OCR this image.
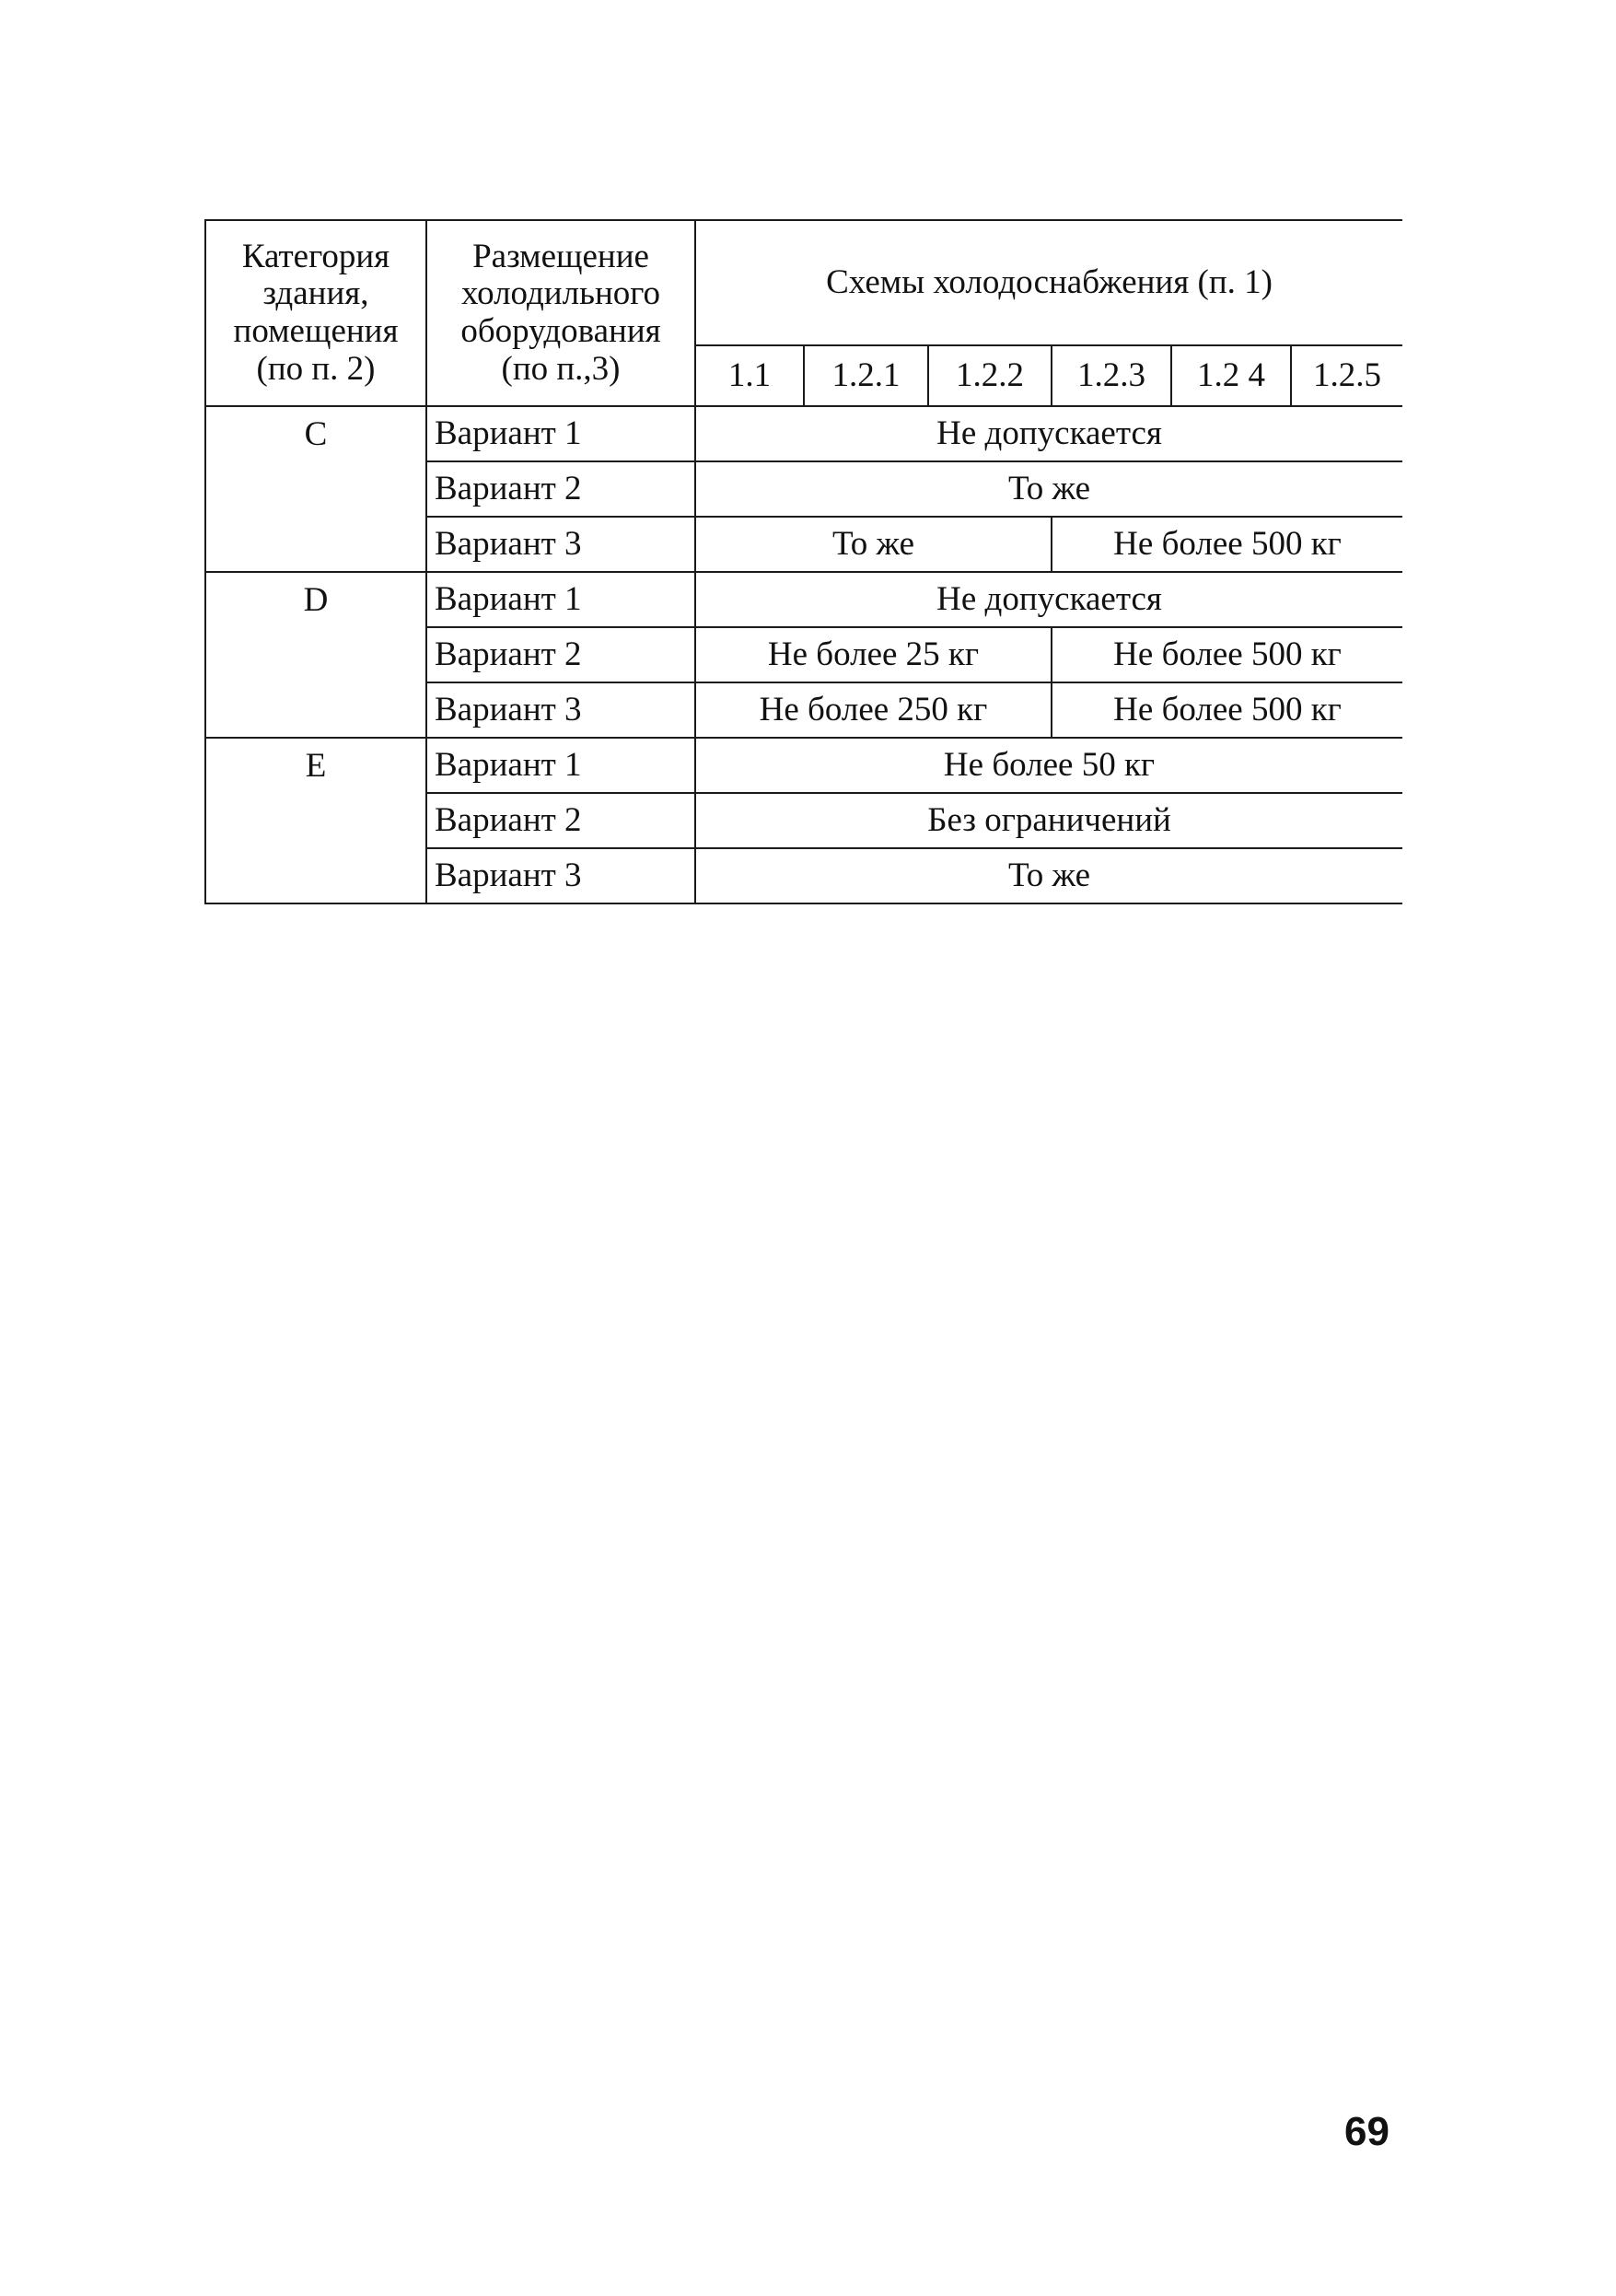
Категория здания, помещения (по п. 2)	Размещение холодильного оборудования (по п.,3)	Схемы холодоснабжения (п. 1)					
		1.1	1.2.1	1.2.2	1.2.3	1.2 4	1.2.5
C	Вариант 1	Не допускается					
	Вариант 2	То же					
	Вариант 3	То же			Не более 500 кг		
D	Вариант 1	Не допускается					
	Вариант 2	Не более 25 кг			Не более 500 кг		
	Вариант 3	Не более 250 кг			Не более 500 кг		
E	Вариант 1	Не более 50 кг					
	Вариант 2	Без ограничений					
	Вариант 3	То же					
69
